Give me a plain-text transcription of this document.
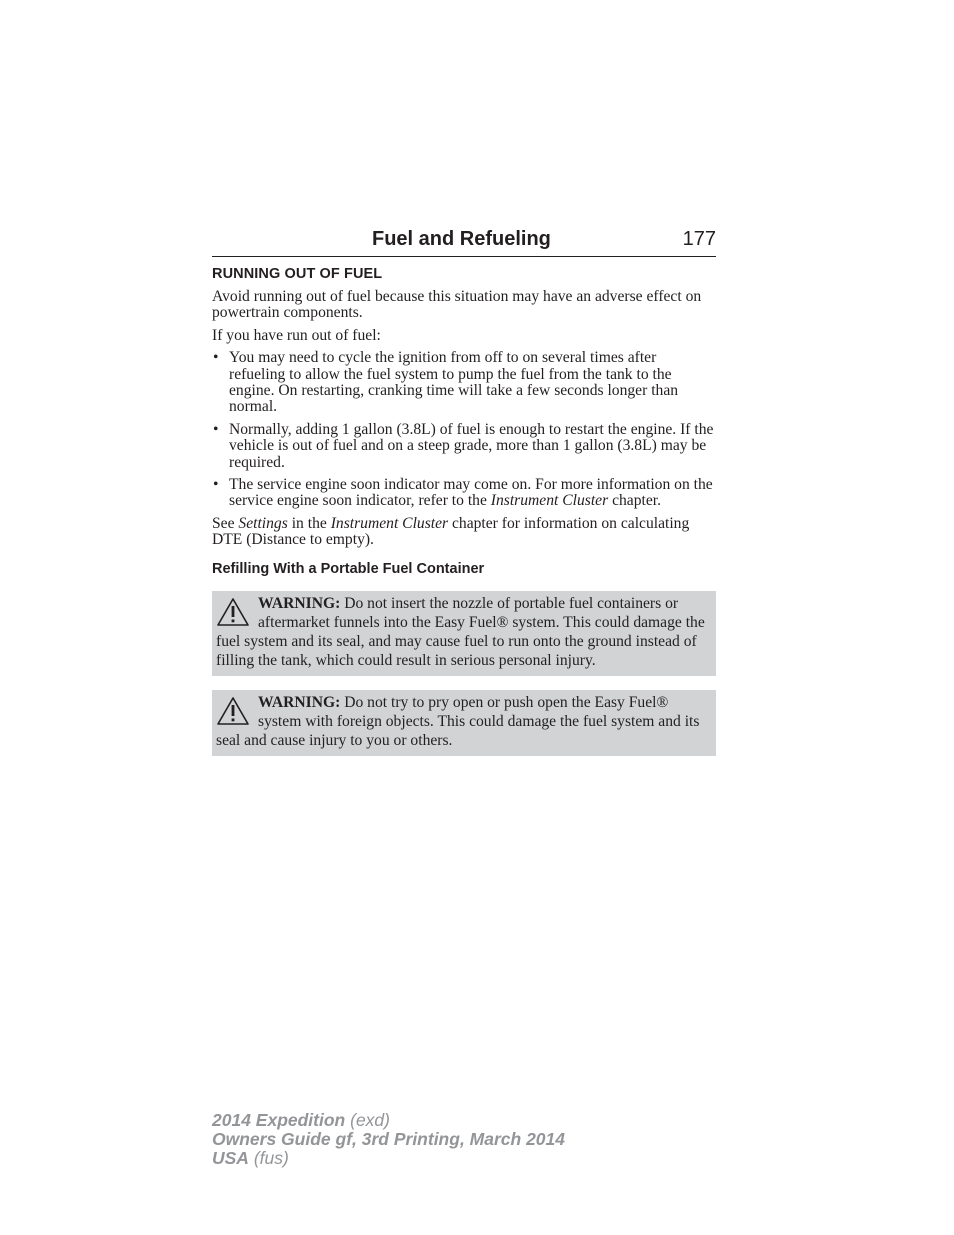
Fuel and Refueling	177
RUNNING OUT OF FUEL

Avoid running out of fuel because this situation may have an adverse effect on powertrain components.

If you have run out of fuel:

• You may need to cycle the ignition from off to on several times after refueling to allow the fuel system to pump the fuel from the tank to the engine. On restarting, cranking time will take a few seconds longer than normal.
• Normally, adding 1 gallon (3.8L) of fuel is enough to restart the engine. If the vehicle is out of fuel and on a steep grade, more than 1 gallon (3.8L) may be required.
• The service engine soon indicator may come on. For more information on the service engine soon indicator, refer to the Instrument Cluster chapter.

See Settings in the Instrument Cluster chapter for information on calculating DTE (Distance to empty).

Refilling With a Portable Fuel Container
WARNING: Do not insert the nozzle of portable fuel containers or aftermarket funnels into the Easy Fuel® system. This could damage the fuel system and its seal, and may cause fuel to run onto the ground instead of filling the tank, which could result in serious personal injury.
WARNING: Do not try to pry open or push open the Easy Fuel® system with foreign objects. This could damage the fuel system and its seal and cause injury to you or others.
2014 Expedition (exd)
Owners Guide gf, 3rd Printing, March 2014
USA (fus)
